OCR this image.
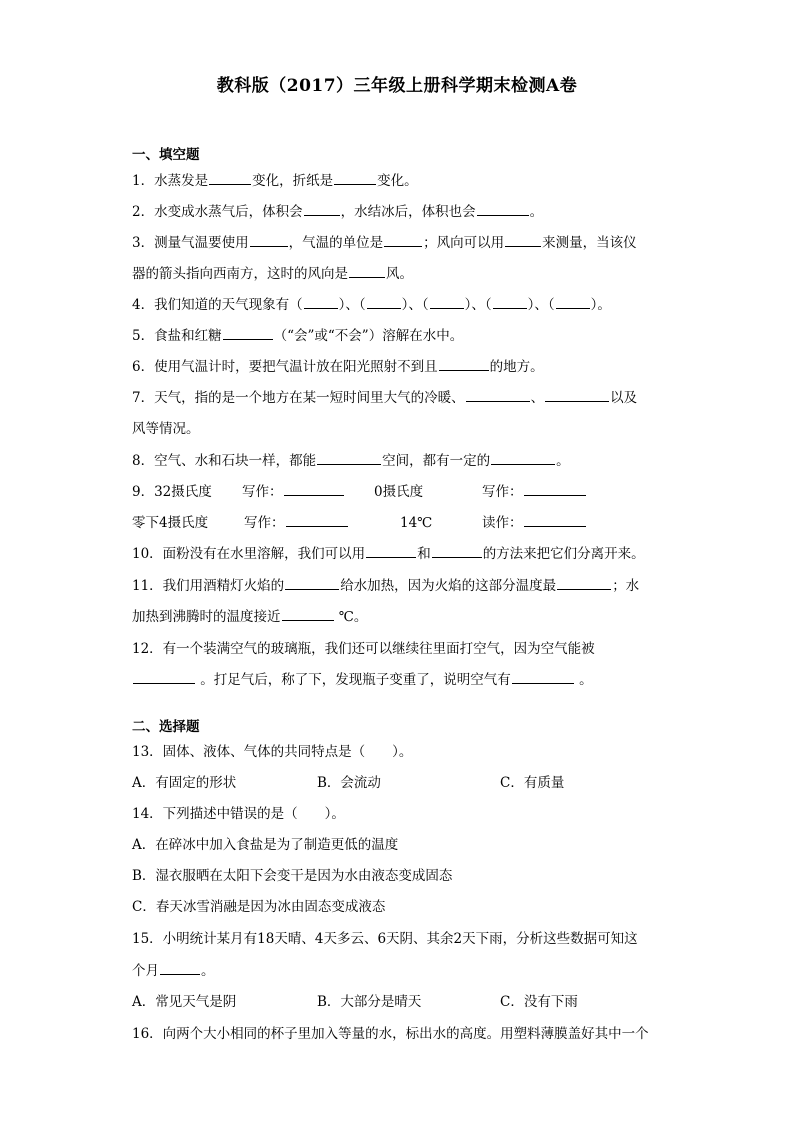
教科版（2017）三年级上册科学期末检测A卷
一、填空题
1．水蒸发是	变化，折纸是	变化。
2．水变成水蒸气后，体积会	，水结冰后，体积也会	。
3．测量气温要使用	，气温的单位是	；风向可以用	来测量，当该仪
器的箭头指向西南方，这时的风向是	风。
4．我们知道的天气现象有（	）、（	）、（	）、（	）、（	）。
5．食盐和红糖	（“会”或“不会”）溶解在水中。
6．使用气温计时，要把气温计放在阳光照射不到且	的地方。
7．天气，指的是一个地方在某一短时间里大气的冷暖、	、	以及
风等情况。
8．空气、水和石块一样，都能	空间，都有一定的	。
9．32摄氏度 写作：	0摄氏度	写作：
零下4摄氏度	写作：	14℃	读作：
10．面粉没有在水里溶解，我们可以用	和	的方法来把它们分离开来。
11．我们用酒精灯火焰的	给水加热，因为火焰的这部分温度最	；水
加热到沸腾时的温度接近	℃。
12．有一个装满空气的玻璃瓶，我们还可以继续往里面打空气，因为空气能被
。打足气后，称了下，发现瓶子变重了，说明空气有	。
二、选择题
13．固体、液体、气体的共同特点是（　　）。
A．有固定的形状	B．会流动	C．有质量
14．下列描述中错误的是（　　）。
A．在碎冰中加入食盐是为了制造更低的温度
B．湿衣服晒在太阳下会变干是因为水由液态变成固态
C．春天冰雪消融是因为冰由固态变成液态
15．小明统计某月有18天晴、4天多云、6天阴、其余2天下雨，分析这些数据可知这
个月	。
A．常见天气是阴	B．大部分是晴天	C．没有下雨
16．向两个大小相同的杯子里加入等量的水，标出水的高度。用塑料薄膜盖好其中一个
